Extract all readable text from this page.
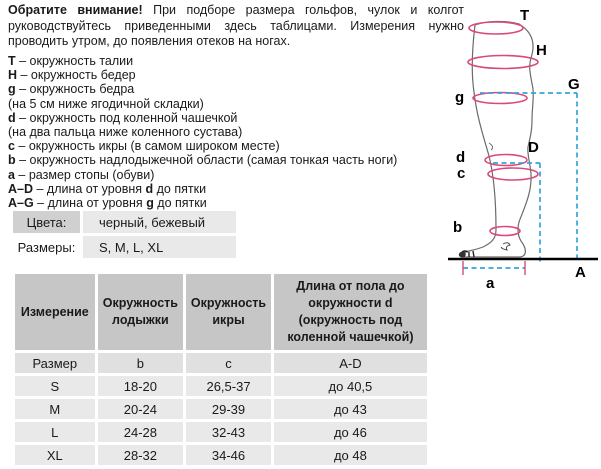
Обратите внимание! При подборе размера гольфов, чулок и колгот руководствуйтесь приведенными здесь таблицами. Измерения нужно проводить утром, до появления отеков на ногах.

T – окружность талии
H – окружность бедер
g – окружность бедра
(на 5 см ниже ягодичной складки)
d – окружность под коленной чашечкой
(на два пальца ниже коленного сустава)
c – окружность икры (в самом широком месте)
b – окружность надлодыжечной области (самая тонкая часть ноги)
a – размер стопы (обуви)
A–D – длина от уровня d до пятки
A–G – длина от уровня g до пятки
Цвета:	черный, бежевый
Размеры:	S, M, L, XL
Измерение	Окружность лодыжки	Окружность икры	Длина от пола до окружности d (окружность под коленной чашечкой)
Размер	b	c	A-D
S	18-20	26,5-37	до 40,5
M	20-24	29-39	до 43
L	24-28	32-43	до 46
XL	28-32	34-46	до 48
T
H
G
g
D
d
c
b
A
a
